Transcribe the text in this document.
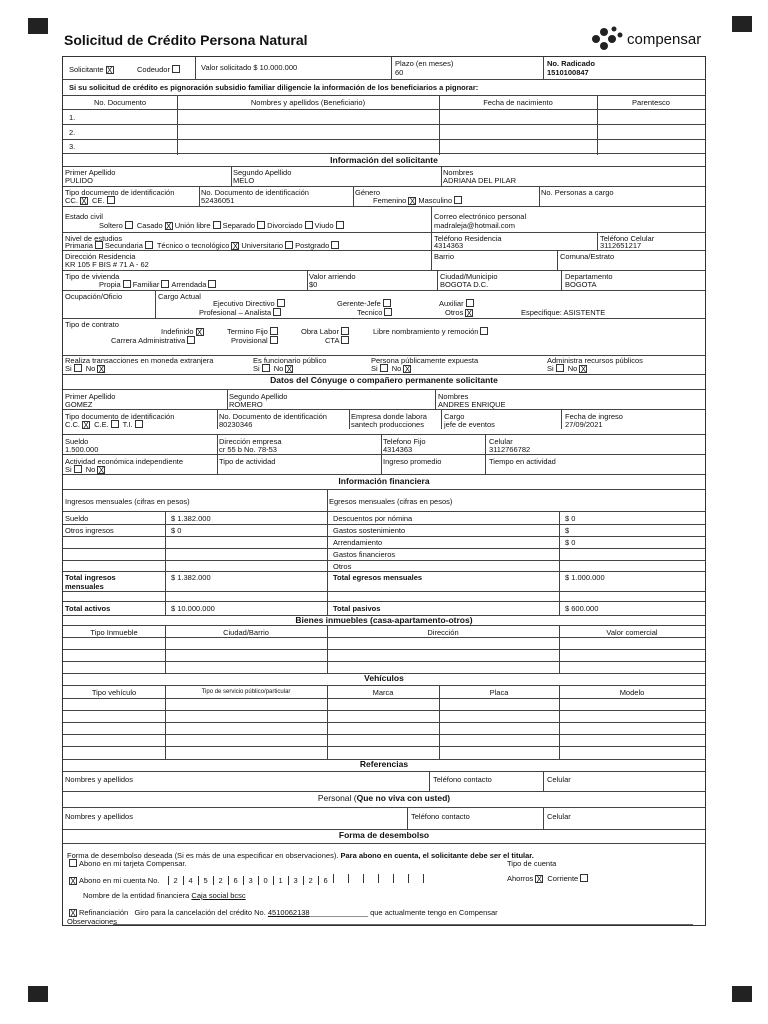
Solicitud de Crédito Persona Natural	compensar
Solicitante X	Codeudor	Valor solicitado $ 10.000.000	Plazo (en meses)
60
No. Radicado
1510100847
Si su solicitud de crédito es pignoración subsidio familiar diligencie la información de los beneficiarios a pignorar:
No. Documento	Nombres y apellidos (Beneficiario)	Fecha de nacimiento	Parentesco
1.
2.
3.
Información del solicitante
Primer Apellido
PULIDO
Segundo Apellido
MELO
Nombres
ADRIANA DEL PILAR
Tipo documento de identificación
CC. X CE.
No. Documento de identificación
52436051
Género
Femenino X Masculino
No. Personas a cargo
Estado civil
Soltero Casado X Unión libre Separado Divorciado Viudo
Correo electrónico personal
madraleja@hotmail.com
Nivel de estudios
Primaria Secundaria Técnico o tecnológico X Universitario Postgrado
Teléfono Residencia
4314363
Teléfono Celular
3112651217
Dirección Residencia
KR 105 F BIS # 71 A - 62
Barrio	Comuna/Estrato
Tipo de vivienda
Propia Familiar Arrendada
Valor arriendo
$0
Ciudad/Municipio
BOGOTA D.C.
Departamento
BOGOTA
Ocupación/Oficio	Cargo Actual
Ejecutivo Directivo
Profesional – Analista
Gerente-Jefe
Tecnico
Auxiliar
Otros X	Especifique: ASISTENTE
Tipo de contrato
Indefinido X
Carrera Administrativa
Termino Fijo
Provisional
Obra Labor
CTA
Libre nombramiento y remoción
Realiza transacciones en moneda extranjera
Si No X
Es funcionario público
Si No X
Persona públicamente expuesta
Si No X
Administra recursos públicos
Si No X
Datos del Cónyuge o compañero permanente solicitante
Primer Apellido
GOMEZ
Segundo Apellido
ROMERO
Nombres
ANDRES ENRIQUE
Tipo documento de identificación
C.C. X C.E. T.I.
No. Documento de identificación
80230346
Empresa donde labora
santech producciones
Cargo
jefe de eventos
Fecha de ingreso
27/09/2021
Sueldo
1.500.000
Dirección empresa
cr 55 b No. 78-53
Telefono Fijo
4314363
Celular
3112766782
Actividad económica independiente
Si No X
Tipo de actividad	Ingreso promedio	Tiempo en actividad
Información financiera
Ingresos mensuales (cifras en pesos)	Egresos mensuales (cifras en pesos)
Sueldo	$ 1.382.000	Descuentos por nómina	$ 0
Otros ingresos	$ 0	Gastos sostenimiento	$
Arrendamiento	$ 0
Gastos financieros
Otros
Total ingresos
mensuales
$ 1.382.000	Total egresos mensuales	$ 1.000.000
Total activos	$ 10.000.000	Total pasivos	$ 600.000
Bienes inmuebles (casa-apartamento-otros)
Tipo Inmueble	Ciudad/Barrio	Dirección	Valor comercial
Vehículos
Tipo vehículo	Tipo de servicio público/particular	Marca	Placa	Modelo
Referencias
Nombres y apellidos	Teléfono contacto	Celular
Personal (Que no viva con usted)
Nombres y apellidos	Teléfono contacto	Celular
Forma de desembolso
Forma de desembolso deseada (Si es más de una especificar en observaciones). Para abono en cuenta, el solicitante debe ser el titular.
Abono en mi tarjeta Compensar.	Tipo de cuenta
X Abono en mi cuenta No. 2 4 5 2 6 3 0 1 3 2 6	Ahorros X Corriente
Nombre de la entidad financiera Caja social bcsc
X Refinanciación Giro para la cancelación del crédito No. 4510062138______________ que actualmente tengo en Compensar
Observaciones
